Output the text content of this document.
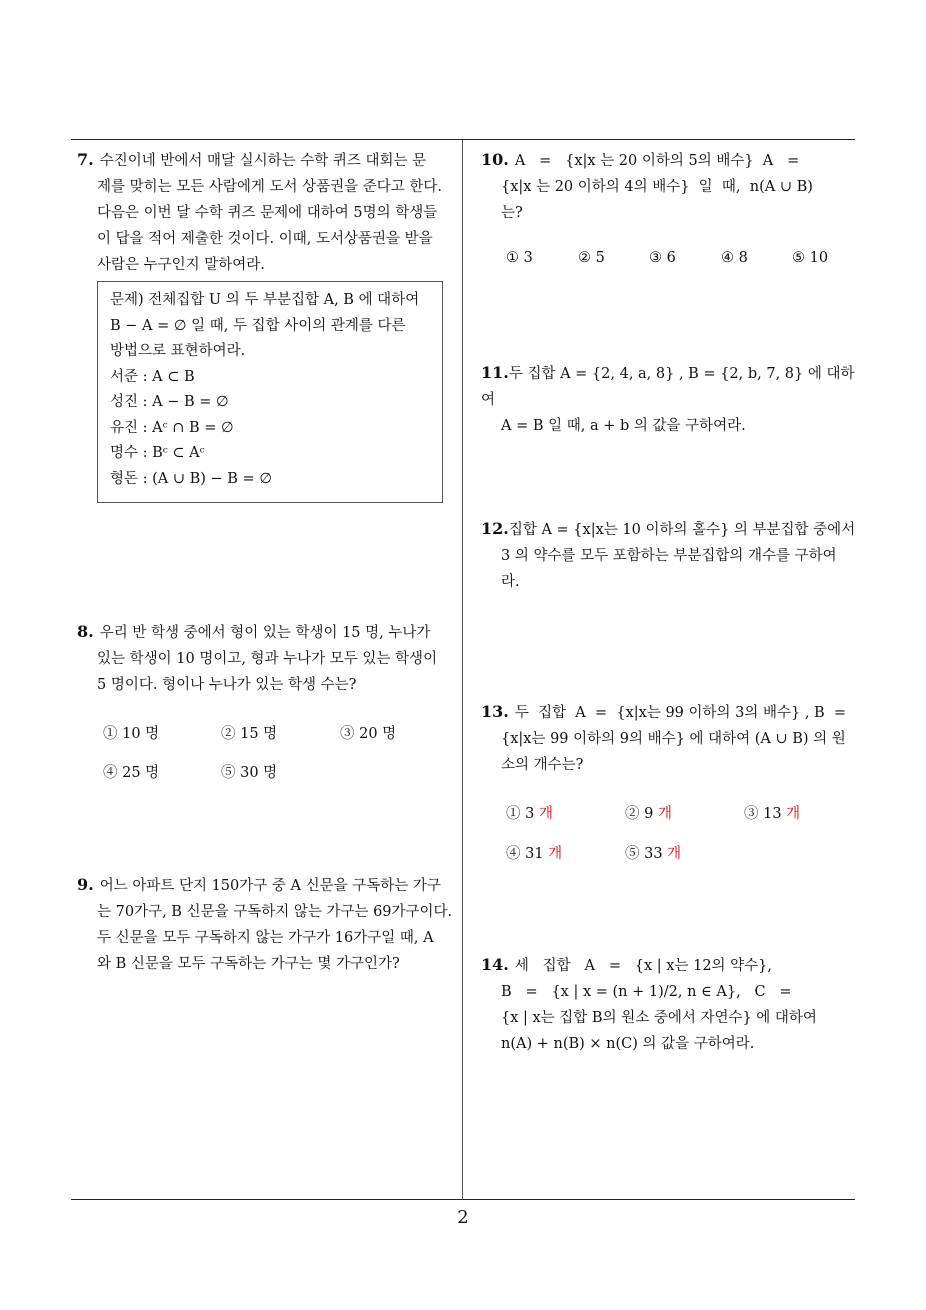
7. 수진이네 반에서 매달 실시하는 수학 퀴즈 대회는 문
제를 맞히는 모든 사람에게 도서 상품권을 준다고 한다.
다음은 이번 달 수학 퀴즈 문제에 대하여 5명의 학생들
이 답을 적어 제출한 것이다. 이때, 도서상품권을 받을
사람은 누구인지 말하여라.
문제) 전체집합 U 의 두 부분집합 A, B 에 대하여
B − A = ∅ 일 때, 두 집합 사이의 관계를 다른
방법으로 표현하여라.
서준 : A ⊂ B
성진 : A − B = ∅
유진 : Aᶜ ∩ B = ∅
명수 : Bᶜ ⊂ Aᶜ
형돈 : (A ∪ B) − B = ∅
8. 우리 반 학생 중에서 형이 있는 학생이 15 명, 누나가
있는 학생이 10 명이고, 형과 누나가 모두 있는 학생이
5 명이다. 형이나 누나가 있는 학생 수는?
① 10 명	② 15 명	③ 20 명
④ 25 명	⑤ 30 명
9. 어느 아파트 단지 150가구 중 A 신문을 구독하는 가구
는 70가구, B 신문을 구독하지 않는 가구는 69가구이다.
두 신문을 모두 구독하지 않는 가구가 16가구일 때, A
와 B 신문을 모두 구독하는 가구는 몇 가구인가?
10. A   =   {x|x 는 20 이하의 5의 배수}  A   =
{x|x 는 20 이하의 4의 배수}  일  때,  n(A ∪ B)
는?
① 3	② 5	③ 6	④ 8	⑤ 10
11.두 집합 A = {2, 4, a, 8} , B = {2, b, 7, 8} 에 대하여
A = B 일 때, a + b 의 값을 구하여라.
12.집합 A = {x|x는 10 이하의 홀수} 의 부분집합 중에서
3 의 약수를 모두 포함하는 부분집합의 개수를 구하여
라.
13. 두  집합  A  =  {x|x는 99 이하의 3의 배수} , B  =
{x|x는 99 이하의 9의 배수} 에 대하여 (A ∪ B) 의 원
소의 개수는?
① 3 개	② 9 개	③ 13 개
④ 31 개	⑤ 33 개
14. 세   집합   A   =   {x | x는 12의 약수},
B   =   {x | x = (n + 1)/2, n ∈ A},   C   =
{x | x는 집합 B의 원소 중에서 자연수} 에 대하여
n(A) + n(B) × n(C) 의 값을 구하여라.
2
